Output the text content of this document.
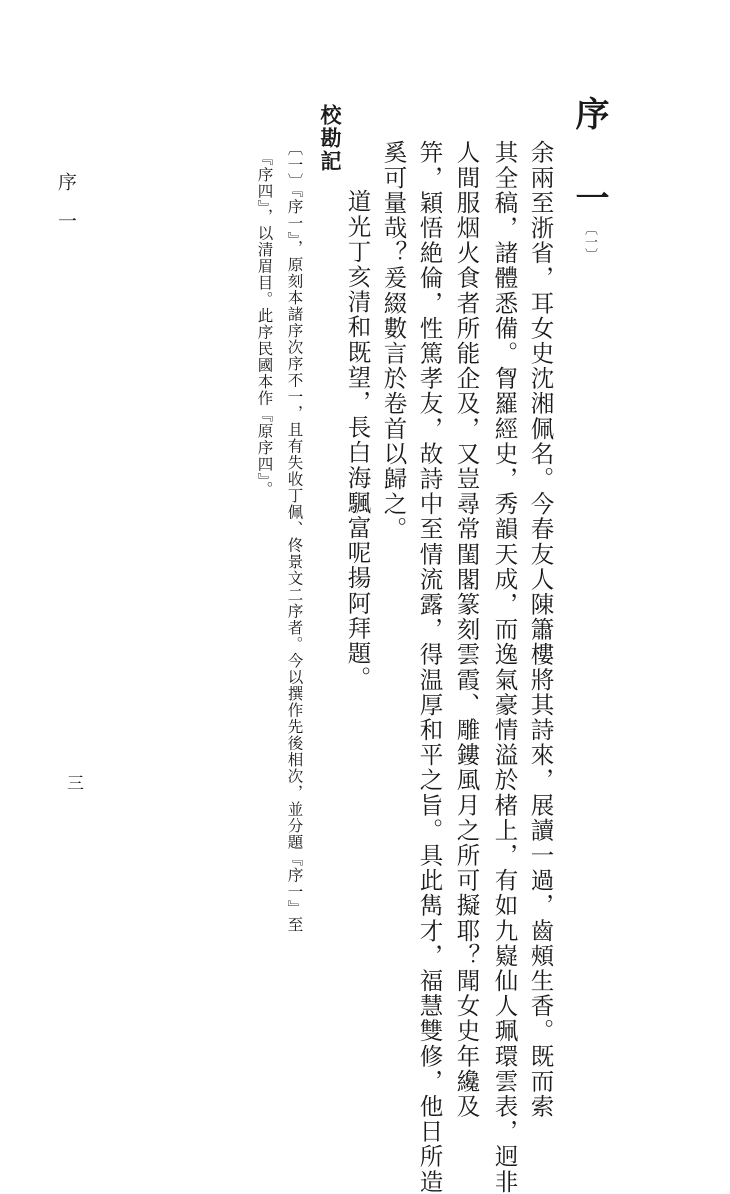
序　一〔一〕
余兩至浙省，耳女史沈湘佩名。今春友人陳簫樓將其詩來，展讀一過，齒頰生香。既而索
其全稿，諸體悉備。胷羅經史，秀韻天成，而逸氣豪情溢於楮上，有如九嶷仙人珮環雲表，迥非
人間服烟火食者所能企及，又豈尋常閨閣篆刻雲霞、雕鏤風月之所可擬耶？聞女史年纔及
笄，穎悟絶倫，性篤孝友，故詩中至情流露，得温厚和平之旨。具此雋才，福慧雙修，他日所造
奚可量哉？爰綴數言於卷首以歸之。
道光丁亥清和既望，長白海颿富呢揚阿拜題。
校勘記
〔一〕『序一』，原刻本諸序次序不一，且有失收丁佩、佟景文二序者。今以撰作先後相次，並分題『序一』至
『序四』，以清眉目。此序民國本作『原序四』。
序一
三
